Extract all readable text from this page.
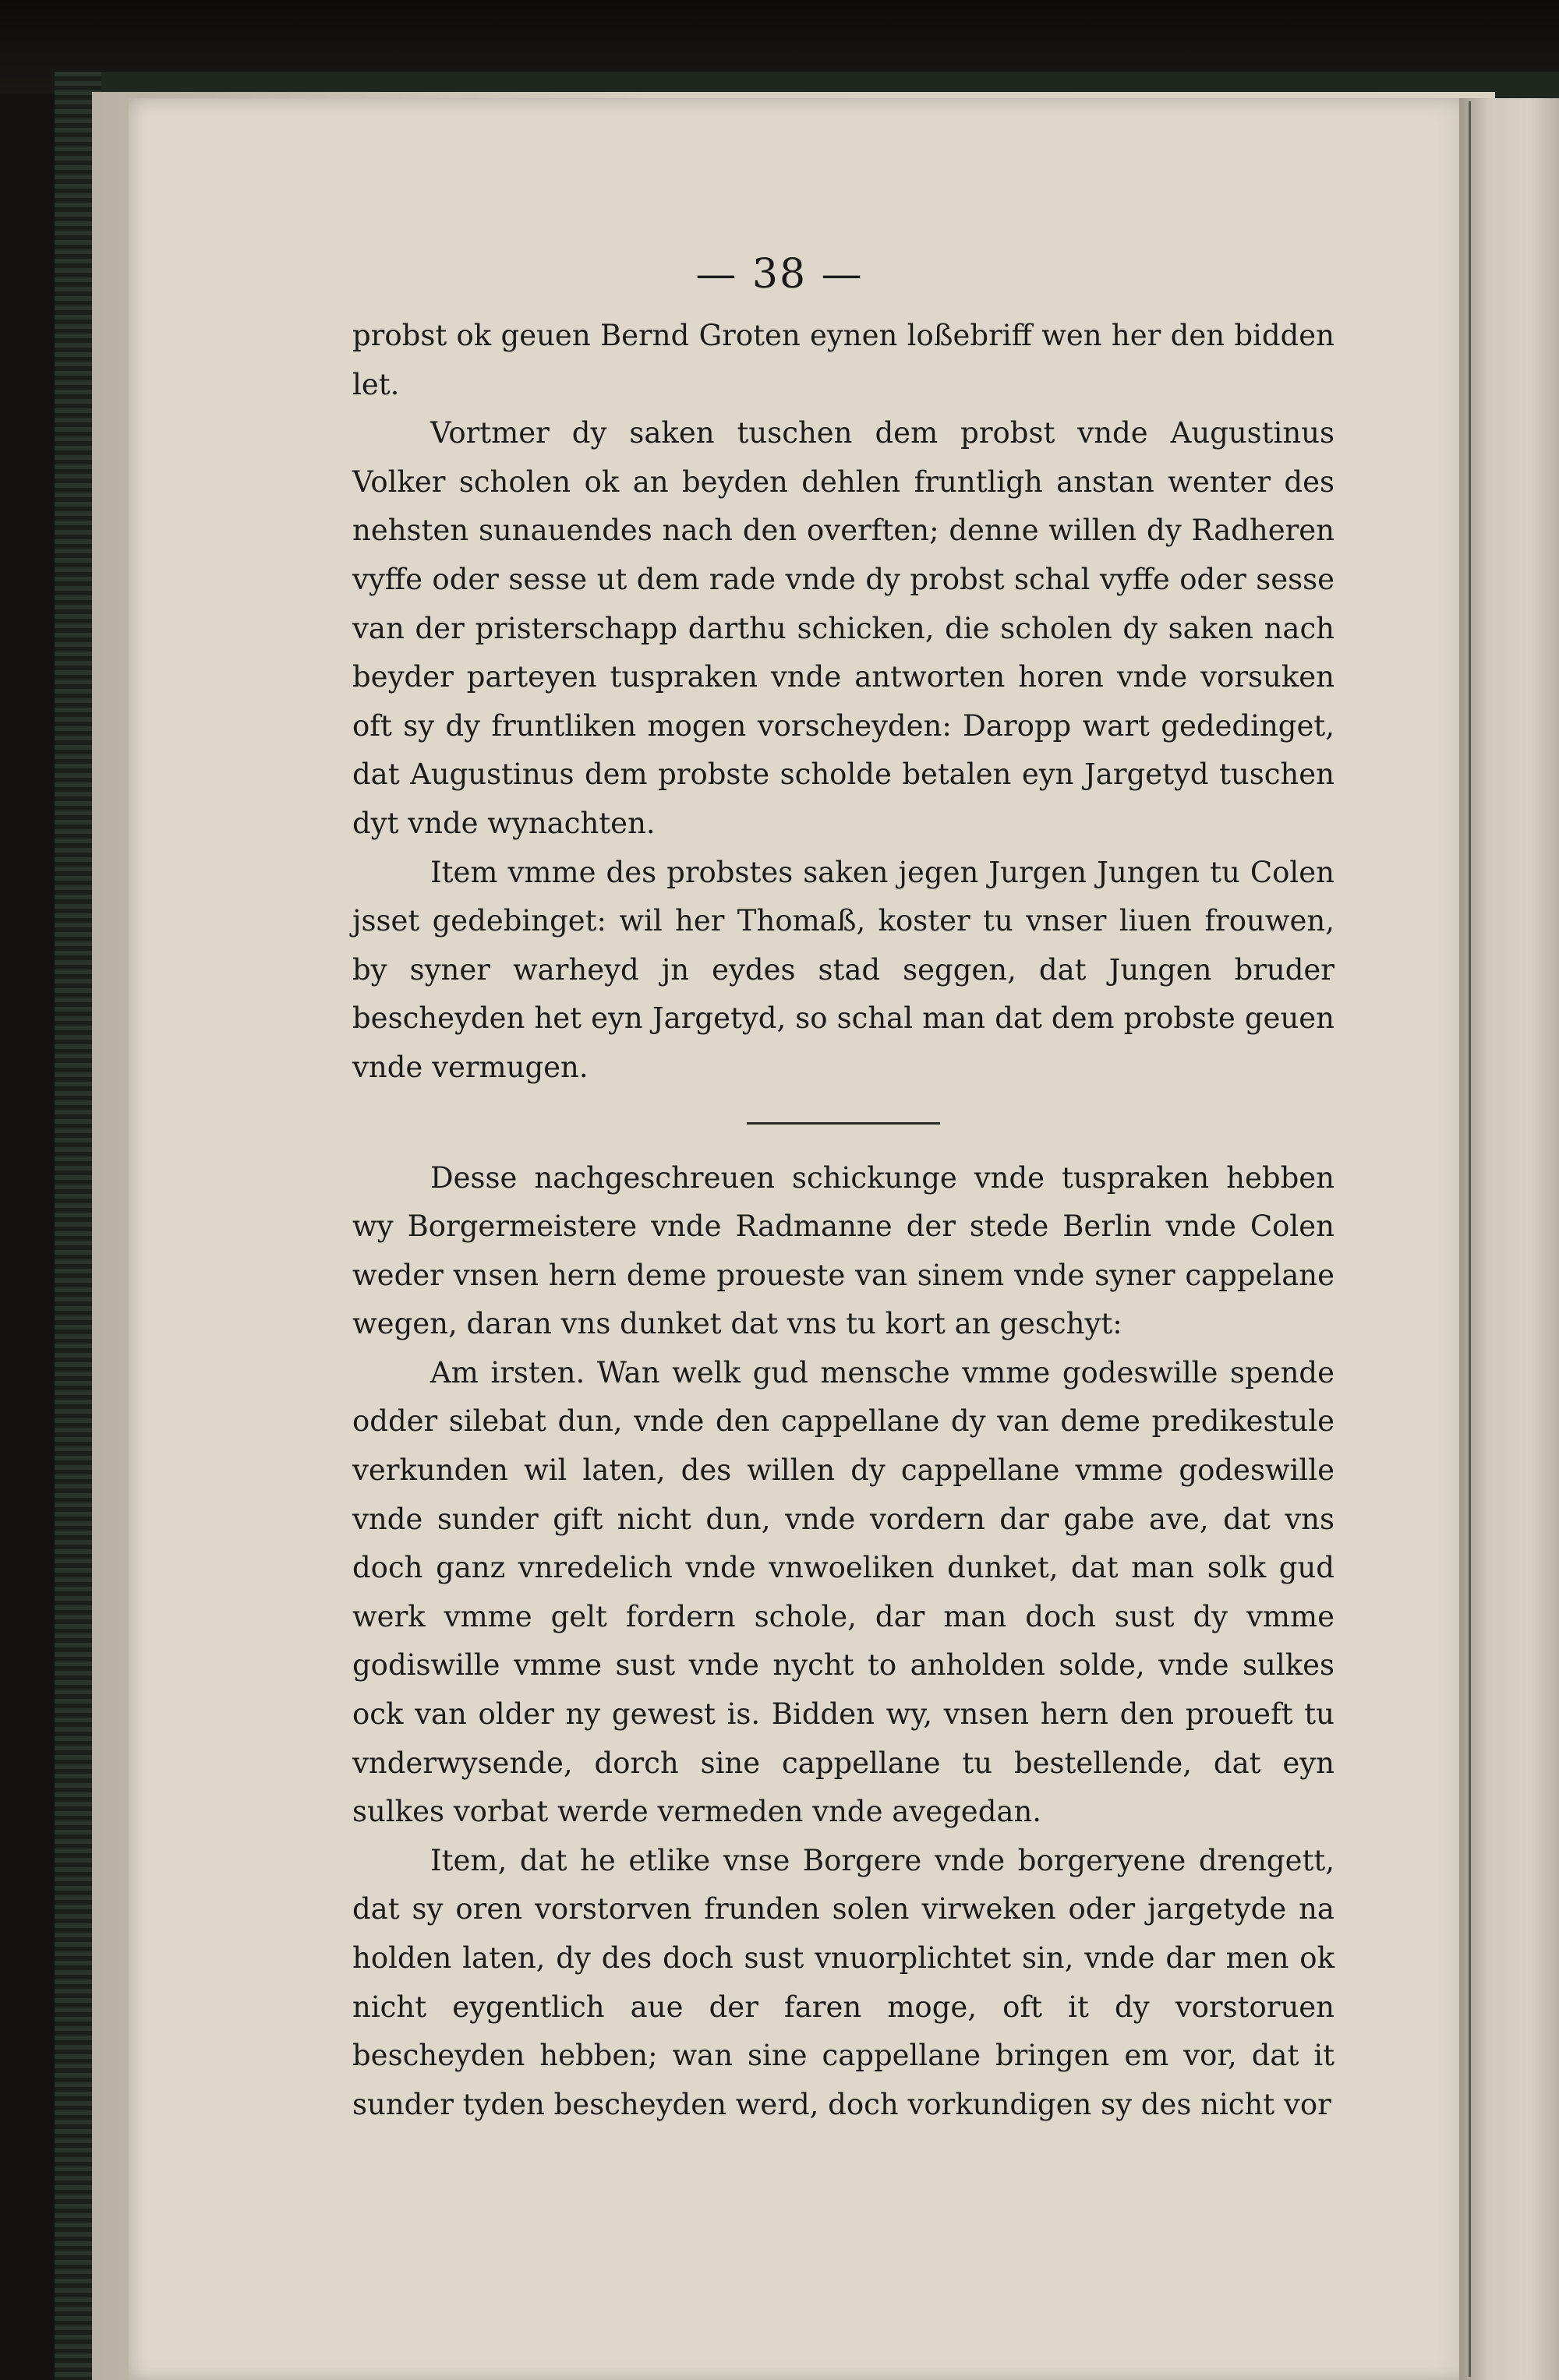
— 38 —

probst ok geuen Bernd Groten eynen loßebriff wen her den bidden let.

Vortmer dy saken tuschen dem probst vnde Augustinus Volker scholen ok an beyden dehlen fruntligh anstan wenter des nehsten sunauendes nach den overften; denne willen dy Radheren vyffe oder sesse ut dem rade vnde dy probst schal vyffe oder sesse van der pristerschapp darthu schicken, die scholen dy saken nach beyder parteyen tuspraken vnde antworten horen vnde vorsuken oft sy dy fruntliken mogen vorscheyden: Daropp wart gededinget, dat Augustinus dem probste scholde betalen eyn Jargetyd tuschen dyt vnde wynachten.

Item vmme des probstes saken jegen Jurgen Jungen tu Colen jsset gedebinget: wil her Thomaß, koster tu vnser liuen frouwen, by syner warheyd jn eydes stad seggen, dat Jungen bruder bescheyden het eyn Jargetyd, so schal man dat dem probste geuen vnde vermugen.

Desse nachgeschreuen schickunge vnde tuspraken hebben wy Borgermeistere vnde Radmanne der stede Berlin vnde Colen weder vnsen hern deme proueste van sinem vnde syner cappelane wegen, daran vns dunket dat vns tu kort an geschyt:

Am irsten. Wan welk gud mensche vmme godeswille spende odder silebat dun, vnde den cappellane dy van deme predikestule verkunden wil laten, des willen dy cappellane vmme godeswille vnde sunder gift nicht dun, vnde vordern dar gabe ave, dat vns doch ganz vnredelich vnde vnwoeliken dunket, dat man solk gud werk vmme gelt fordern schole, dar man doch sust dy vmme godiswille vmme sust vnde nycht to anholden solde, vnde sulkes ock van older ny gewest is. Bidden wy, vnsen hern den proueft tu vnderwysende, dorch sine cappellane tu bestellende, dat eyn sulkes vorbat werde vermeden vnde avegedan.

Item, dat he etlike vnse Borgere vnde borgeryene drengett, dat sy oren vorstorven frunden solen virweken oder jargetyde na holden laten, dy des doch sust vnuorplichtet sin, vnde dar men ok nicht eygentlich aue der faren moge, oft it dy vorstoruen bescheyden hebben; wan sine cappellane bringen em vor, dat it sunder tyden bescheyden werd, doch vorkundigen sy des nicht vor
